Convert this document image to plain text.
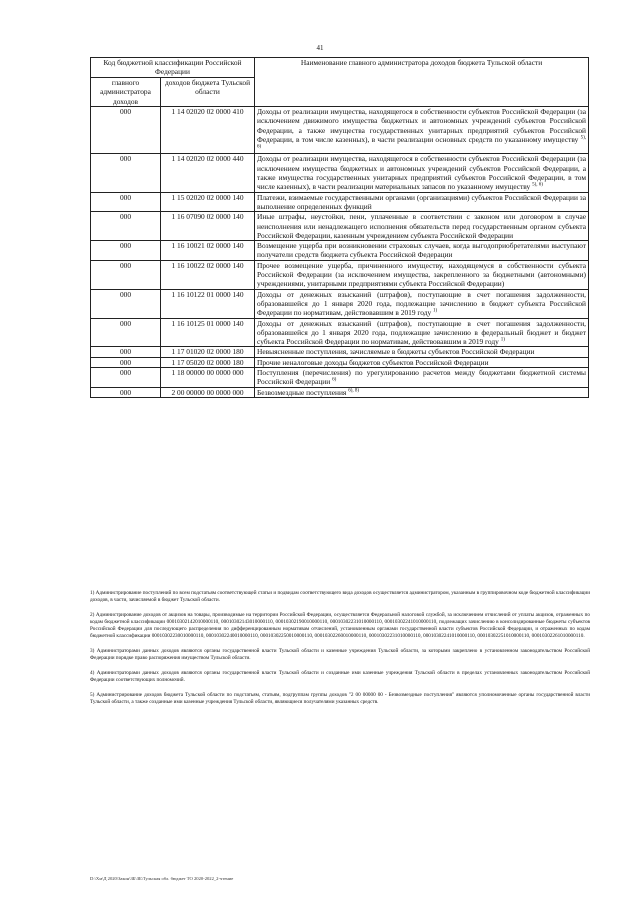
41
Код бюджетной классификации Российской Федерации		Наименование главного администратора доходов бюджета Тульской области
главного администратора доходов	доходов бюджета Тульской области	
000	1 14 02020 02 0000 410	Доходы от реализации имущества, находящегося в собственности субъектов Российской Федерации (за исключением движимого имущества бюджетных и автономных учреждений субъектов Российской Федерации, а также имущества государственных унитарных предприятий субъектов Российской Федерации, в том числе казенных), в части реализации основных средств по указанному имуществу $^{5), 6)}$
000	1 14 02020 02 0000 440	Доходы от реализации имущества, находящегося в собственности субъектов Российской Федерации (за исключением имущества бюджетных и автономных учреждений субъектов Российской Федерации, а также имущества государственных унитарных предприятий субъектов Российской Федерации, в том числе казенных), в части реализации материальных запасов по указанному имуществу $^{5), 6)}$
000	1 15 02020 02 0000 140	Платежи, взимаемые государственными органами (организациями) субъектов Российской Федерации за выполнение определенных функций
000	1 16 07090 02 0000 140	Иные штрафы, неустойки, пени, уплаченные в соответствии с законом или договором в случае неисполнения или ненадлежащего исполнения обязательств перед государственным органом субъекта Российской Федерации, казенным учреждением субъекта Российской Федерации
000	1 16 10021 02 0000 140	Возмещение ущерба при возникновении страховых случаев, когда выгодоприобретателями выступают получатели средств бюджета субъекта Российской Федерации
000	1 16 10022 02 0000 140	Прочее возмещение ущерба, причиненного имуществу, находящемуся в собственности субъекта Российской Федерации (за исключением имущества, закрепленного за бюджетными (автономными) учреждениями, унитарными предприятиями субъекта Российской Федерации)
000	1 16 10122 01 0000 140	Доходы от денежных взысканий (штрафов), поступающие в счет погашения задолженности, образовавшейся до 1 января 2020 года, подлежащие зачислению в бюджет субъекта Российской Федерации по нормативам, действовавшим в 2019 году $^{1)}$
000	1 16 10125 01 0000 140	Доходы от денежных взысканий (штрафов), поступающие в счет погашения задолженности, образовавшейся до 1 января 2020 года, подлежащие зачислению в федеральный бюджет и бюджет субъекта Российской Федерации по нормативам, действовавшим в 2019 году $^{1)}$
000	1 17 01020 02 0000 180	Невыясненные поступления, зачисляемые в бюджеты субъектов Российской Федерации
000	1 17 05020 02 0000 180	Прочие неналоговые доходы бюджетов субъектов Российской Федерации
000	1 18 00000 00 0000 000	Поступления (перечисления) по урегулированию расчетов между бюджетами бюджетной системы Российской Федерации $^{6)}$
000	2 00 00000 00 0000 000	Безвозмездные поступления $^{6), 8)}$

1) Администрирование поступлений по всем подстатьям соответствующей статьи и подвидам соответствующего вида доходов осуществляется администратором, указанным в группировочном коде бюджетной классификации доходов, в части, зачисляемой в бюджет Тульской области.

2) Администрирование доходов от акцизов на товары, производимые на территории Российской Федерации, осуществляется Федеральной налоговой службой, за исключением отчислений от уплаты акцизов, отраженных по кодам бюджетной классификации 00010302142010000110, 00010302143010000110, 00010302190010000110, 00010302231010000110, 00010302241010000110, подлежащих зачислению в консолидированные бюджеты субъектов Российской Федерации для последующего распределения по дифференцированным нормативам отчислений, установленным органами государственной власти субъектов Российской Федерации, и отраженных по кодам бюджетной классификации 00010302230010000110, 00010302240010000110, 00010302250010000110, 00010302260010000110, 00010302231010000110, 00010302241010000110, 00010302251010000110, 00010302261010000110.

3) Администраторами данных доходов являются органы государственной власти Тульской области и казенные учреждения Тульской области, за которыми закреплено в установленном законодательством Российской Федерации порядке право распоряжения имуществом Тульской области.

4) Администраторами данных доходов являются органы государственной власти Тульской области и созданные ими казенные учреждения Тульской области в пределах установленных законодательством Российской Федерации соответствующих полномочий.

5) Администрирование доходов бюджета Тульской области по подстатьям, статьям, подгруппам группы доходов "2 00 00000 00 - Безвозмездные поступления" являются уполномоченные органы государственной власти Тульской области, а также созданные ими казенные учреждения Тульской области, являющиеся получателями указанных средств.

D:\Хм\Д 2020\Закон\ЗБ\ЗБ\Тульская обл. бюджет ТО 2020-2022_2-чтение
